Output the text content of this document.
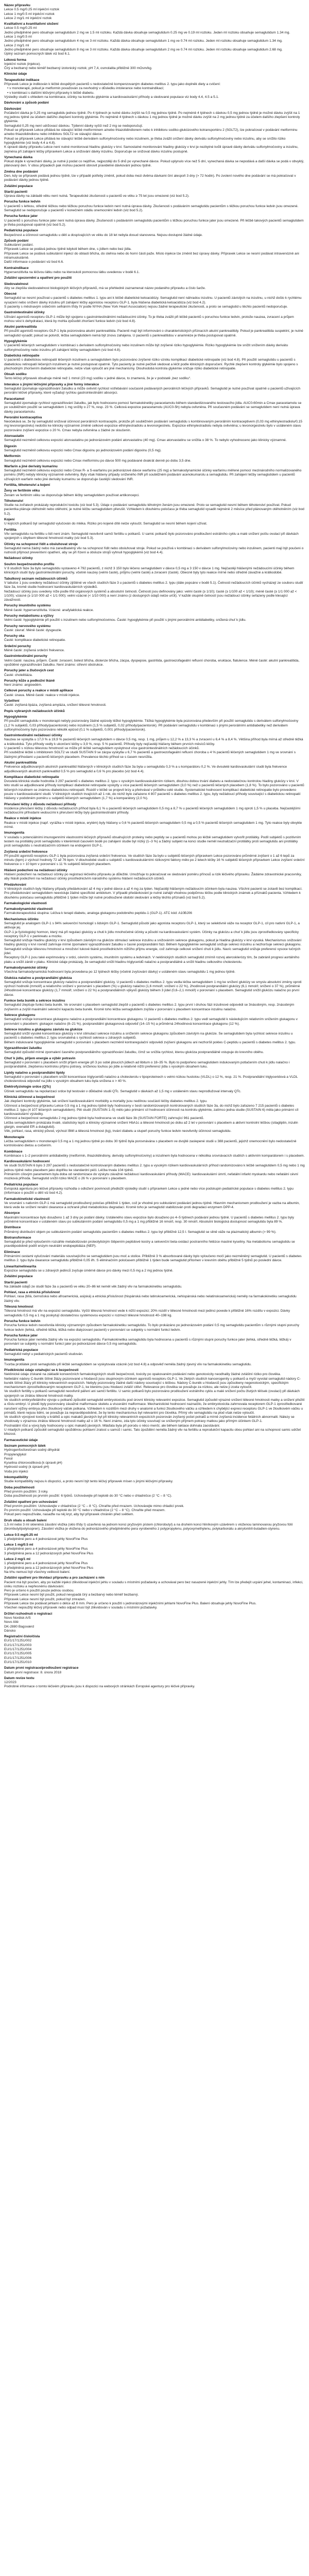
Název přípravku
Lekce 0.5 mg/0.25 ml injekční roztok
Lekce 1 mg/0.5 ml injekční roztok
Lekce 2 mg/1 ml injekční roztok
Kvalitativní a kvantitativní složení
Lekce 0.5 mg/0.25 ml
Jedno předplněné pero obsahuje semaglutidum 2 mg ve 1.5 ml roztoku. Každá dávka obsahuje semaglutidum 0.25 mg ve 0.19 ml roztoku. Jeden ml roztoku obsahuje semaglutidum 1.34 mg.
Lekce 1 mg/0.5 ml
Jedno předplněné pero obsahuje semaglutidum 4 mg ve 3 ml roztoku. Každá dávka obsahuje semaglutidum 1 mg ve 0.74 ml roztoku. Jeden ml roztoku obsahuje semaglutidum 1.34 mg.
Lekce 2 mg/1 ml
Jedno předplněné pero obsahuje semaglutidum 8 mg ve 3 ml roztoku. Každá dávka obsahuje semaglutidum 2 mg ve 0.74 ml roztoku. Jeden ml roztoku obsahuje semaglutidum 2.68 mg.
Úplný seznam pomocných látek viz bod 6.1.
Léková forma
Injekční roztok (injekce).
Čirý a bezbarvý nebo téměř bezbarvý izotonický roztok; pH 7,4, osmolalita přibližně 300 mOsm/kg.
Klinické údaje
Terapeutické indikace
Přípravek Lekce je indikován k léčbě dospělých pacientů s nedostatečně kompenzovaným diabetes mellitus 2. typu jako doplněk diety a cvičení:
• v monoterapii, pokud je metformin považován za nevhodný v důsledku intolerance nebo kontraindikací;
• v kombinaci s dalšími léčivými přípravky k léčbě diabetu.
Výsledky studií s ohledem na kombinace, účinky na kontrolu glykémie a kardiovaskulární příhody a sledované populace viz body 4.4, 4.5 a 5.1.
Dávkování a způsob podání
Dávkování
Počáteční dávka je 0,25 mg semaglutidu jednou týdně. Po 4 týdnech je nutné dávku zvýšit na 0,5 mg jednou týdně. Po nejméně 4 týdnech s dávkou 0,5 mg jednou týdně je možné dávku zvýšit na 1 mg jednou týdně za účelem dalšího zlepšení kontroly glykémie. Po nejméně 4 týdnech s dávkou 1 mg jednou týdně je možné dávku zvýšit na 2 mg jednou týdně za účelem dalšího zlepšení kontroly glykémie.
Semaglutid 0,25 mg není udržovací dávkou. Týdenní dávky vyšší než 2 mg se nedoporučují.
Pokud se přípravek Lekce přidává ke stávající léčbě metforminem a/nebo thiazolidindionem nebo k inhibitoru sodíko-glukózového kotransportéru 2 (SGLT2), lze pokračovat v podávání metforminu a/nebo thiazolidindionu nebo inhibitoru SGLT2 ve stávající dávce.
Pokud se přípravek Lekce přidává ke stávající léčbě derivátem sulfonylmočoviny nebo inzulinem, je třeba zvážit snížení dávky derivátu sulfonylmočoviny nebo inzulinu, aby se snížilo riziko hypoglykémie (viz body 4.4 a 4.8).
K úpravě dávky přípravku Lekce není nutné monitorovat hladinu glukózy v krvi. Samostatné monitorování hladiny glukózy v krvi je nezbytné kvůli úpravě dávky derivátu sulfonylmočoviny a inzulinu, zejména při zahájení léčby přípravkem Lekce a snižování dávky inzulinu. Doporučuje se snižovat dávku inzulinu postupně.
Vynechaná dávka
Pokud dojde k vynechání dávky, je nutné ji podat co nejdříve, nejpozději do 5 dnů po vynechané dávce. Pokud uplynulo více než 5 dní, vynechaná dávka se nepodává a další dávka se podá v obvyklý, plánovaný den. V obou případech pak mohou pacienti obnovit pravidelné dávkování jednou týdně.
Změna dne podávání
Den, kdy se přípravek podává jednou týdně, lze v případě potřeby změnit, pokud doba mezi dvěma dávkami činí alespoň 3 dny (> 72 hodin). Po zvolení nového dne podávání se má pokračovat v podávání dávky jednou týdně.
Zvláštní populace
Starší pacienti
Úprava dávky na základě věku není nutná. Terapeutické zkušenosti u pacientů ve věku ≥ 75 let jsou omezené (viz bod 5.2).
Porucha funkce ledvin
U pacientů s lehkou, středně těžkou nebo těžkou poruchou funkce ledvin není nutná úprava dávky. Zkušenosti s podáváním semaglutidu pacientům s těžkou poruchou funkce ledvin jsou omezené. Semaglutid se nedoporučuje u pacientů v konečném stádiu onemocnění ledvin (viz bod 5.2).
Porucha funkce jater
U pacientů s poruchou funkce jater není nutná úprava dávky. Zkušenosti s podáváním semaglutidu pacientům s těžkou poruchou funkce jater jsou omezené. Při léčbě takových pacientů semaglutidem je třeba postupovat opatrně (viz bod 5.2).
Pediatrická populace
Bezpečnost a účinnost semaglutidu u dětí a dospívajících ve věku do 18 let nebyla dosud stanovena. Nejsou dostupné žádné údaje.
Způsob podání
Subkutánní podání.
Přípravek Lekce se podává jednou týdně kdykoli během dne, s jídlem nebo bez jídla.
Přípravek Lekce se podává subkutánní injekcí do oblasti břicha, do stehna nebo do horní části paže. Místo injekce lze změnit bez úpravy dávky. Přípravek Lekce se nesmí podávat intravenózně ani intramuskulárně.
Další informace o podávání viz bod 6.6.
Kontraindikace
Hypersenzitivita na léčivou látku nebo na kteroukoli pomocnou látku uvedenou v bodě 6.1.
Zvláštní upozornění a opatření pro použití
Sledovatelnost
Aby se zlepšila sledovatelnost biologických léčivých přípravků, má se přehledně zaznamenat název podaného přípravku a číslo šarže.
Obecné
Semaglutid se nesmí používat u pacientů s diabetes mellitus 1. typu ani k léčbě diabetické ketoacidózy. Semaglutid není náhradou inzulinu. U pacientů závislých na inzulinu, u nichž došlo k rychlému vysazení nebo snížení dávky inzulinu při zahájení léčby agonistou receptoru GLP-1, byla hlášena diabetická ketoacidóza (viz bod 4.2).
S pacienty s městnavým srdečním selháním třídy IV podle NYHA (New York Heart Association) nejsou žádné terapeutické zkušenosti, a proto se semaglutid u těchto pacientů nedoporučuje.
Gastrointestinální účinky
Užívání agonistů receptoru GLP-1 může být spojeno s gastrointestinálními nežádoucími účinky. To je třeba zvážit při léčbě pacientů s poruchou funkce ledvin, protože nauzea, zvracení a průjem mohou vést k dehydrataci, která by mohla způsobit zhoršení funkce ledvin (viz bod 4.8).
Akutní pankreatitida
Při použití agonistů receptoru GLP-1 byla pozorována akutní pankreatitida. Pacienti mají být informováni o charakteristických příznacích akutní pankreatitidy. Pokud je pankreatitida suspektní, je nutné semaglutid vysadit; pokud se potvrdí, léčba semaglutidem nemá být znovu zahájena. U pacientů s pankreatitidou v anamnéze je třeba postupovat opatrně.
Hypoglykémie
U pacientů léčených semaglutidem v kombinaci s derivátem sulfonylmočoviny nebo inzulinem může být zvýšené riziko hypoglykémie. Riziko hypoglykémie lze snížit snížením dávky derivátu sulfonylmočoviny nebo inzulinu při zahájení léčby semaglutidem (viz bod 4.8).
Diabetická retinopatie
U pacientů s diabetickou retinopatií léčených inzulinem a semaglutidem bylo pozorováno zvýšené riziko vzniku komplikací diabetické retinopatie (viz bod 4.8). Při použití semaglutidu u pacientů s diabetickou retinopatií léčených inzulinem je nutné postupovat opatrně. Tyto pacienty je nutné pečlivě sledovat a léčit podle klinických doporučení. Rychlé zlepšení kontroly glykémie bylo spojeno s přechodným zhoršením diabetické retinopatie, nelze však vyloučit ani jiné mechanismy. Dlouhodobá kontrola glykémie snižuje riziko diabetické retinopatie.
Obsah sodíku
Tento léčivý přípravek obsahuje méně než 1 mmol (23 mg) sodíku v jedné dávce, to znamená, že je v podstatě „bez sodíku“.
Interakce s jinými léčivými přípravky a jiné formy interakce
Semaglutid zpomaluje vyprazdňování žaludku a může ovlivnit rychlost vstřebávání současně podávaných perorálních léčivých přípravků. Semaglutid je nutné používat opatrně u pacientů užívajících perorální léčivé přípravky, které vyžadují rychlou gastrointestinální absorpci.
Paracetamol
Semaglutid zpomaluje rychlost vyprazdňování žaludku, jak bylo hodnoceno pomocí farmakokinetiky paracetamolu během standardizovaného testovacího jídla. AUC0-60min a Cmax paracetamolu se po souběžném použití se semaglutidem 1 mg snížily o 27 %, resp. 23 %. Celková expozice paracetamolu (AUC0-5h) nebyla ovlivněna. Při současném podávání se semaglutidem není nutná úprava dávky paracetamolu.
Perorální kontraceptiva
Neočekává se, že by semaglutid snižoval účinnost perorálních kontraceptiv, protože při souběžném podávání semaglutidu s kombinovaným perorálním kontraceptivem (0,03 mg ethinylestradiolu/0,15 mg levonorgestrelu) nedošlo ke klinicky významné změně celkové expozice ethinylestradiolu a levonorgestrelu. Expozice ethinylestradiolu nebyla ovlivněna; u levonorgestrelu bylo v ustáleném stavu pozorováno zvýšení expozice o 20 %. Cmax nebyla ovlivněna u žádné ze sloučenin.
Atorvastatin
Semaglutid nezměnil celkovou expozici atorvastatinu po jednorázovém podání atorvastatinu (40 mg). Cmax atorvastatinu se snížila o 38 %. To nebylo vyhodnoceno jako klinicky významné.
Digoxin
Semaglutid nezměnil celkovou expozici nebo Cmax digoxinu po jednorázovém podání digoxinu (0,5 mg).
Metformin
Semaglutid nezměnil celkovou expozici nebo Cmax metforminu po dávce 500 mg podávané dvakrát denně po dobu 3,5 dne.
Warfarin a jiné deriváty kumarinu
Semaglutid nezměnil celkovou expozici nebo Cmax R- a S-warfarinu po jednorázové dávce warfarinu (25 mg) a farmakodynamické účinky warfarinu měřené pomocí mezinárodního normalizovaného poměru (INR) nebyly klinicky významně ovlivněny. Byly však hlášeny případy sníženého INR při souběžném podávání acenokumarolu a semaglutidu. Při zahájení léčby semaglutidem u pacientů užívajících warfarin nebo jiné deriváty kumarinu se doporučuje častější sledování INR.
Fertilita, těhotenství a kojení
Ženy ve fertilním věku
Ženám ve fertilním věku se doporučuje během léčby semaglutidem používat antikoncepci.
Těhotenství
Studie na zvířatech prokázaly reprodukční toxicitu (viz bod 5.3). Údaje o podávání semaglutidu těhotným ženám jsou omezené. Proto se semaglutid nesmí během těhotenství používat. Pokud pacientka plánuje otěhotnět nebo otěhotní, je nutné léčbu semaglutidem přerušit. Vzhledem k dlouhému poločasu je třeba semaglutid vysadit nejméně 2 měsíce před plánovaným otěhotněním (viz bod 5.2).
Kojení
U kojících potkanů byl semaglutid vylučován do mléka. Riziko pro kojené dítě nelze vyloučit. Semaglutid se nesmí během kojení užívat.
Fertilita
Vliv semaglutidu na fertilitu u lidí není znám. Semaglutid neovlivnil samčí fertilitu u potkanů. U samic potkanů bylo pozorováno prodloužení estrálního cyklu a malé snížení počtu ovulací při dávkách spojených s úbytkem tělesné hmotnosti matky (viz bod 5.3).
Účinky na schopnost řídit a obsluhovat stroje
Semaglutid nemá žádný nebo má zanedbatelný vliv na schopnost řídit nebo obsluhovat stroje. Pokud se používá v kombinaci s derivátem sulfonylmočoviny nebo inzulinem, pacienti mají být poučeni o nutnosti přijmout preventivní opatření, aby se při řízení a obsluze strojů vyhnuli hypoglykémii (viz bod 4.4).
Nežádoucí účinky
Souhrn bezpečnostního profilu
V 8 studiích fáze 3a bylo semaglutidu vystaveno 4 792 pacientů, z nichž 3 150 bylo léčeno semaglutidem v dávce 0,5 mg a 3 150 v dávce 1 mg. Nejčastěji hlášenými nežádoucími účinky během klinických studií byly gastrointestinální poruchy, včetně nauzey (velmi časté), průjmu (velmi časté) a zvracení (časté). Obecně byly tyto reakce mírné nebo středně závažné a krátkodobé.
Tabulkový seznam nežádoucích účinků
V tabulce 1 jsou uvedeny nežádoucí účinky zjištěné ve všech studiích fáze 3 u pacientů s diabetes mellitus 2. typu (dále popsáno v bodě 5.1). Četnosti nežádoucích účinků vycházejí ze souboru studií fáze 3a, kromě studie hodnocení kardiovaskulárních výsledků.
Nežádoucí účinky jsou uvedeny níže podle tříd orgánových systémů a absolutní četnosti. Četnosti jsou definovány jako: velmi časté (≥ 1/10); časté (≥ 1/100 až < 1/10); méně časté (≥ 1/1 000 až < 1/100); vzácné (≥ 1/10 000 až < 1/1 000); velmi vzácné (< 1/10 000) a není známo (z dostupných údajů nelze určit). V každé skupině četností jsou nežádoucí účinky seřazeny podle klesající závažnosti.
Poruchy imunitního systému
Méně časté: hypersenzitivita. Vzácné: anafylaktická reakce.
Poruchy metabolismu a výživy
Velmi časté: hypoglykémie při použití s inzulinem nebo sulfonylmočovinou. Časté: hypoglykémie při použití s jinými perorálními antidiabetiky, snížená chuť k jídlu.
Poruchy nervového systému
Časté: závrať. Méně časté: dysgeuzie.
Poruchy oka
Časté: komplikace diabetické retinopatie.
Srdeční poruchy
Méně časté: zvýšená srdeční frekvence.
Gastrointestinální poruchy
Velmi časté: nauzea, průjem. Časté: zvracení, bolest břicha, distenze břicha, zácpa, dyspepsie, gastritida, gastroezofageální refluxní choroba, eruktace, flatulence. Méně časté: akutní pankreatitida, opožděné vyprazdňování žaludku. Není známo: střevní obstrukce.
Poruchy jater a žlučových cest
Časté: cholelitiáza.
Poruchy kůže a podkožní tkáně
Není známo: angioedém.
Celkové poruchy a reakce v místě aplikace
Časté: únava. Méně časté: reakce v místě injekce.
Vyšetření
Časté: zvýšená lipáza, zvýšená amyláza, snížení tělesné hmotnosti.
Popis vybraných nežádoucích účinků
Hypoglykémie
Při použití semaglutidu v monoterapii nebyly pozorovány žádné epizody těžké hypoglykémie. Těžká hypoglykémie byla pozorována především při použití semaglutidu s derivátem sulfonylmočoviny (1,2 % subjektů, 0,03 příhody/pacientorok) nebo inzulinem (1,5 % subjektů, 0,02 příhody/pacientorok). Při podávání semaglutidu v kombinaci s jinými perorálními antidiabetiky než derivátem sulfonylmočoviny bylo pozorováno několik epizod (0,1 % subjektů, 0,001 příhody/pacientorok).
Gastrointestinální nežádoucí účinky
Nauzea se vyskytla u 17,0 % a 19,9 % pacientů léčených semaglutidem v dávce 0,5 mg, resp. 1 mg, průjem u 12,2 % a 13,3 % a zvracení u 6,4 % a 8,4 %. Většina příhod byla mírná až středně těžká a krátkodobá. Tyto příhody vedly k ukončení léčby u 3,9 %, resp. 5 % pacientů. Příhody byly nejčastěji hlášeny během prvních měsíců léčby.
U pacientů s nízkou tělesnou hmotností se může při léčbě semaglutidem vyskytnout více gastrointestinálních nežádoucích účinků.
Při souběžné léčbě s inhibitorem SGLT2 ve studii SUSTAIN 9 se zácpa vyskytla u 6,7 % pacientů a gastroezofageální refluxní choroba u 4 % pacientů léčených semaglutidem 1 mg ve srovnání s žádnými příhodami u pacientů léčených placebem. Prevalence těchto příhod se s časem nesnížila.
Akutní pankreatitida
Frekvence adjudikovaných akutních pankreatitid hlášených v klinických studiích fáze 3a byla u semaglutidu 0,3 % a u komparátoru 0,2 %. Ve dvouleté kardiovaskulární studii byla frekvence adjudikovaných akutních pankreatitid 0,5 % pro semaglutid a 0,6 % pro placebo (viz bod 4.4).
Komplikace diabetické retinopatie
Dvouletá klinická studie hodnotila 3 297 pacientů s diabetes mellitus 2. typu s vysokým kardiovaskulárním rizikem, dlouhou dobou trvání diabetu a nedostatečnou kontrolou hladiny glukózy v krvi. V této studii se adjudikované příhody komplikací diabetické retinopatie vyskytly u více pacientů léčených semaglutidem (3,0 %) než u pacientů léčených placebem (1,8 %). To bylo pozorováno u pacientů léčených inzulinem se známou diabetickou retinopatií. Rozdíl v léčbě se projevil brzy a přetrvával v průběhu celé studie. Systematické hodnocení komplikací diabetické retinopatie bylo provedeno pouze v kardiovaskulární studii. V klinických studiích trvajících až 1 rok, do nichž bylo zařazeno 4 807 pacientů s diabetes mellitus 2. typu, byly nežádoucí příhody související s diabetickou retinopatií hlášeny v podobném poměru u subjektů léčených semaglutidem (1,7 %) a komparátory (2,0 %).
Přerušení léčby z důvodu nežádoucí příhody
Incidence přerušení léčby z důvodu nežádoucích příhod byla 6,1 % u pacientů léčených semaglutidem 0,5 mg a 8,7 % u pacientů léčených semaglutidem 1 mg oproti 1,5 % u placeba. Nejčastějšími nežádoucími příhodami vedoucími k přerušení léčby byly gastrointestinální příhody.
Reakce v místě injekce
Reakce v místě injekce (např. vyrážka v místě injekce, erytém) byly hlášeny u 0,6 % pacientů léčených semaglutidem 0,5 mg a 0,5 % pacientů léčených semaglutidem 1 mg. Tyto reakce byly obvykle mírné.
Imunogenita
V souladu s potenciálními imunogenními vlastnostmi léčivých přípravků obsahujících proteiny nebo peptidy se u pacientů mohou po léčbě semaglutidem vytvořit protilátky. Podíl subjektů s pozitivním testem na protilátky proti semaglutidu v kterémkoli časovém bodě po zahájení studie byl nízký (1–3 %) a žádný subjekt na konci studie neměl neutralizační protilátky proti semaglutidu ani protilátky proti semaglutidu s neutralizačním účinkem na endogenní GLP-1.
Zvýšená srdeční frekvence
Při použití agonistů receptoru GLP-1 byla pozorována zvýšená srdeční frekvence. Ve studiích fáze 3a bylo u subjektů léčených přípravkem Lekce pozorováno průměrné zvýšení o 1 až 6 tepů za minutu (bpm) z výchozí hodnoty 72 až 76 bpm. V dlouhodobé studii u subjektů s kardiovaskulárními rizikovými faktory mělo po 2 letech léčby 16 % subjektů léčených přípravkem Lekce zvýšení srdeční frekvence o > 10 bpm v porovnání s 11 % subjektů léčených placebem.
Hlášení podezření na nežádoucí účinky
Hlášení podezření na nežádoucí účinky po registraci léčivého přípravku je důležité. Umožňuje to pokračovat ve sledování poměru přínosů a rizik léčivého přípravku. Žádáme zdravotnické pracovníky, aby hlásili podezření na nežádoucí účinky prostřednictvím národního systému hlášení nežádoucích účinků.
Předávkování
V klinických studiích byly hlášeny případy předávkování až 4 mg v jedné dávce a až 4 mg za týden. Nejčastěji hlášeným nežádoucím účinkem byla nauzea. Všichni pacienti se zotavili bez komplikací.
Pro předávkování semaglutidem neexistuje žádné specifické antidotum. V případě předávkování je nutné zahájit vhodnou podpůrnou léčbu podle klinických známek a příznaků pacienta. Vzhledem k dlouhému poločasu semaglutidu přibližně 1 týden může být nutné prodloužené období sledování a léčby těchto příznaků (viz bod 5.2).
Farmakologické vlastnosti
Farmakodynamické vlastnosti
Farmakoterapeutická skupina: Léčiva k terapii diabetu, analoga glukagonu podobného peptidu-1 (GLP-1). ATC kód: A10BJ06
Mechanismus účinku
Semaglutid je analogem GLP-1 s 94% sekvenční homologií s lidským GLP-1. Semaglutid působí jako agonista receptoru GLP-1, který se selektivně váže na receptor GLP-1, cíl pro nativní GLP-1, a aktivuje jej.
GLP-1 je fyziologický hormon, který má při regulaci glukózy a chuti k jídlu mnohočetné účinky a působí na kardiovaskulární systém. Účinky na glukózu a chuť k jídlu jsou zprostředkovány specificky receptory GLP-1 v pankreatu a mozku.
Semaglutid snižuje hladinu glukózy v krvi způsobem závislým na glukóze stimulací sekrece inzulinu a snižováním sekrece glukagonu, pokud je hladina glukózy v krvi vysoká. Mechanismus snižování hladiny glukózy v krvi rovněž zahrnuje mírné zpomalení vyprazdňování žaludku v časné postprandiální fázi. Během hypoglykémie semaglutid snižuje sekreci inzulinu a nezhoršuje sekreci glukagonu.
Semaglutid snižuje tělesnou hmotnost a množství tukové tkáně prostřednictvím nižšího příjmu energie, což zahrnuje celkové snížení chuti k jídlu. Navíc semaglutid snižuje preferenci vysoce tučných jídel.
Receptory GLP-1 jsou také exprimovány v srdci, cévním systému, imunitním systému a ledvinách. V neklinických studiích semaglutid zmírnil rozvoj aterosklerózy tím, že zabránil progresi aortálního plaku a snížil zánět v plaku. Klinické údaje prokázaly, že semaglutid snížil hladinu triglyceridů nalačno a postprandiálně a snížil hladinu celkového cholesterolu.
Farmakodynamické účinky
Všechna farmakodynamická hodnocení byla provedena po 12 týdnech léčby (včetně zvyšování dávky) v ustáleném stavu semaglutidu 1 mg jednou týdně.
Glukóza nalačno a postprandiální glukóza
Semaglutid snižuje koncentrace glukózy nalačno a postprandiální glukózy. U pacientů s diabetes mellitus 2. typu vedla léčba semaglutidem 1 mg ke snížení glukózy ve smyslu absolutní změny oproti výchozí hodnotě (mmol/l) a relativního snížení v porovnání s placebem (%) u glukózy nalačno (1,6 mmol/l; snížení o 22 %), 2hodinové postprandiální glukózy (6,1 mmol/l; snížení o 37 %), průměrné 24hodinové koncentrace glukózy (1,7 mmol/l; snížení o 22 %) a postprandiálních výkyvů glukózy během 3 jídel (0,6–2,1 mmol/l) v porovnání s placebem. Semaglutid snížil glukózu nalačno po první dávce.
Funkce beta buněk a sekrece inzulinu
Semaglutid zlepšuje funkci beta buněk. Ve srovnání s placebem semaglutid zlepšil u pacientů s diabetes mellitus 2. typu první i druhou fázi inzulinové odpovědi se 3násobným, resp. 2násobným zvýšením a zvýšil maximální sekreční kapacitu beta buněk. Kromě toho léčba semaglutidem zvýšila v porovnání s placebem koncentrace inzulinu nalačno.
Sekrece glukagonu
Semaglutid snižuje koncentrace glukagonu nalačno a postprandiální koncentrace glukagonu. U pacientů s diabetes mellitus 2. typu vedl semaglutid k následujícím relativním snížením glukagonu v porovnání s placebem: glukagon nalačno (8–21 %), postprandiální glukagonová odpověď (14–15 %) a průměrná 24hodinová koncentrace glukagonu (12 %).
Sekrece inzulinu a glukagonu závislá na glukóze
Semaglutid snížil vysoké koncentrace glukózy v krvi stimulací sekrece inzulinu a snížením sekrece glukagonu způsobem závislým na glukóze. Se semaglutidem byla rychlost sekrece inzulinu u pacientů s diabetes mellitus 2. typu srovnatelná s rychlostí sekrece u zdravých subjektů.
Během indukované hypoglykémie semaglutid v porovnání s placebem nezměnil kontraregulační odpovědi zvýšení glukagonu ani nezhoršil pokles C-peptidu u pacientů s diabetes mellitus 2. typu.
Vyprazdňování žaludku
Semaglutid způsobil mírné zpomalení časného postprandiálního vyprazdňování žaludku, čímž se snížila rychlost, kterou glukóza postprandiálně vstupuje do krevního oběhu.
Chuť k jídlu, příjem energie a výběr potravin
Semaglutid v porovnání s placebem snížil příjem energie při 3 po sobě jdoucích jídlech ad libitum o 18–35 %. Bylo to podpořeno semaglutidem indukovaným potlačením chuti k jídlu nalačno i postprandiálně, zlepšenou kontrolou příjmu potravy, sníženou touhou po jídle a relativně nižší preferencí jídla s vysokým obsahem tuku.
Lipidy nalačno a postprandiální lipidy
Semaglutid v porovnání s placebem snížil koncentrace triglyceridů nalačno a cholesterolu v lipoproteinech s velmi nízkou hustotou (VLDL) o 12 %, resp. 21 %. Postprandiální triglyceridová a VLDL cholesterolová odpověď na jídlo s vysokým obsahem tuku byla snížena o > 40 %.
Elektrofyziologie srdce (QTc)
Účinek semaglutidu na repolarizaci srdce byl testován v důkladné studii QTc. Semaglutid v dávkách až 1,5 mg v ustáleném stavu neprodlužoval intervaly QTc.
Klinická účinnost a bezpečnost
Jak zlepšení kontroly glykémie, tak snížení kardiovaskulární morbidity a mortality jsou nedílnou součástí léčby diabetes mellitus 2. typu.
Účinnost a bezpečnost přípravku Lekce 0,5 mg a 1 mg jednou týdně byly hodnoceny v šesti randomizovaných kontrolovaných studiích fáze 3a, do nichž bylo zařazeno 7 215 pacientů s diabetes mellitus 2. typu (4 107 léčených semaglutidem). Pět studií (SUSTAIN 1–5) mělo jako primární cíl hodnocení účinnosti na kontrolu glykémie, zatímco jedna studie (SUSTAIN 6) měla jako primární cíl kardiovaskulární výsledky.
Účinnost a bezpečnost semaglutidu 2 mg jednou týdně byla hodnocena ve studii fáze 3b (SUSTAIN FORTE) zahrnující 961 pacientů.
Léčba semaglutidem prokázala trvalé, statisticky lepší a klinicky významné snížení HbA1c a tělesné hmotnosti po dobu až 2 let v porovnání s placebem a aktivní kontrolní léčbou (sitagliptin, inzulin glargin, exenatid ER a dulaglutid).
Věk, pohlaví, rasa, etnický původ, výchozí BMI a tělesná hmotnost (kg), trvání diabetu a stupeň poruchy funkce ledvin neovlivnily účinnost semaglutidu.
Monoterapie
Léčba semaglutidem v monoterapii 0,5 mg a 1 mg jednou týdně po dobu 30 týdnů byla porovnávána s placebem ve dvojitě zaslepené studii u 388 pacientů, jejichž onemocnění bylo nedostatečně kontrolováno dietou a cvičením.
Kombinace
Kombinace s 1–2 perorálními antidiabetiky (metformin, thiazolidindiony, deriváty sulfonylmočoviny) a inzulinem byla hodnocena v několika srovnávacích studiích s aktivním komparátorem i s placebem.
Kardiovaskulární hodnocení
Ve studii SUSTAIN 6 bylo 3 297 pacientů s nedostatečně kontrolovaným diabetes mellitus 2. typu a vysokým rizikem kardiovaskulárních příhod randomizováno k léčbě semaglutidem 0,5 mg nebo 1 mg jednou týdně nebo placebem jako doplňku ke standardní péči. Léčba trvala 104 týdnů.
Primárním cílovým parametrem byla doba od randomizace do výskytu závažné nežádoucí kardiovaskulární příhody (MACE): kardiovaskulární úmrtí, nefatální infarkt myokardu nebo nefatální cévní mozková příhoda. Semaglutid snížil riziko MACE o 26 % v porovnání s placebem.
Pediatrická populace
Evropská agentura pro léčivé přípravky rozhodla o odložení povinnosti předložit výsledky studií s přípravkem Lekce u jedné nebo více podskupin pediatrické populace s diabetes mellitus 2. typu (informace o použití u dětí viz bod 4.2).
Farmakokinetické vlastnosti
Ve srovnání s nativním GLP-1 má semaglutid prodloužený poločas přibližně 1 týden, což je vhodné pro subkutánní podávání jednou týdně. Hlavním mechanismem prodloužení je vazba na albumin, která vede ke snížení renální clearance a ochraně před metabolickou degradací. Kromě toho je semaglutid stabilizován proti degradaci enzymem DPP-4.
Absorpce
Maximální koncentrace bylo dosaženo 1 až 3 dny po podání dávky. Ustáleného stavu expozice bylo dosaženo po 4–5 týdnech podávání jednou týdně. U pacientů s diabetes mellitus 2. typu byly průměrné koncentrace v ustáleném stavu po subkutánním podání semaglutidu 0,5 mg a 1 mg přibližně 16 nmol/l, resp. 30 nmol/l. Absolutní biologická dostupnost semaglutidu byla 89 %.
Distribuce
Průměrný distribuční objem po subkutánním podání semaglutidu pacientům s diabetes mellitus 2. typu byl přibližně 12,5 l. Semaglutid se silně váže na plazmatický albumin (> 99 %).
Biotransformace
Semaglutid je před vyloučením rozsáhle metabolizován proteolytickým štěpením peptidové kostry a sekvenční beta-oxidací postranního řetězce mastné kyseliny. Na metabolismu semaglutidu se pravděpodobně podílí enzym neutrální endopeptidáza (NEP).
Eliminace
Primárními cestami vylučování materiálu souvisejícího se semaglutidem jsou moč a stolice. Přibližně 3 % absorbované dávky bylo vyloučeno močí jako nezměněný semaglutid. U pacientů s diabetes mellitus 2. typu byla clearance semaglutidu přibližně 0,05 l/h. S eliminačním poločasem přibližně 1 týden bude semaglutid přítomen v krevním oběhu přibližně 5 týdnů po poslední dávce.
Linearita/nelinearita
Expozice semaglutidu se u zdravých jedinců zvyšuje úměrně dávce pro dávky mezi 0,5 mg a 2 mg jednou týdně.
Zvláštní populace
Starší pacienti
Na základě údajů ze studií fáze 3a u pacientů ve věku 20–86 let neměl věk žádný vliv na farmakokinetiku semaglutidu.
Pohlaví, rasa a etnická příslušnost
Pohlaví, rasa (bílá, černošská nebo afroamerická, asijská) a etnická příslušnost (hispánská nebo latinskoamerická, nehispánská nebo nelatinskoamerická) neměly na farmakokinetiku semaglutidu žádný vliv.
Tělesná hmotnost
Tělesná hmotnost má vliv na expozici semaglutidu. Vyšší tělesná hmotnost vede k nižší expozici; 20% rozdíl v tělesné hmotnosti mezi jedinci povede k přibližně 16% rozdílu v expozici. Dávky semaglutidu 0,5 mg a 1 mg poskytují dostatečnou systémovou expozici v rozmezí tělesné hmotnosti 40–198 kg.
Porucha funkce ledvin
Porucha funkce ledvin neovlivnila klinicky významným způsobem farmakokinetiku semaglutidu. To bylo prokázáno po jednorázovém podání 0,5 mg semaglutidu pacientům s různými stupni poruchy funkce ledvin (lehká, středně těžká, těžká nebo dialyzovaní pacienti) v porovnání se subjekty s normální funkcí ledvin.
Porucha funkce jater
Porucha funkce jater neměla žádný vliv na expozici semaglutidu. Farmakokinetika semaglutidu byla hodnocena u pacientů s různými stupni poruchy funkce jater (lehká, středně těžká, těžká) v porovnání se subjekty s normální funkcí jater po jednorázové dávce 0,5 mg semaglutidu.
Pediatrická populace
Semaglutid nebyl u pediatrických pacientů studován.
Imunogenita
Tvorba protilátek proti semaglutidu při léčbě semaglutidem se vyskytovala vzácně (viz bod 4.8) a odpověď neměla žádný zjevný vliv na farmakokinetiku semaglutidu.
Předklinické údaje vztahující se k bezpečnosti
Neklinické údaje získané na základě konvenčních farmakologických studií bezpečnosti, toxicity po opakovaném podávání nebo genotoxicity neodhalily žádné zvláštní riziko pro člověka.
Netletální nádory C-buněk štítné žlázy pozorované u hlodavců jsou skupinovým účinkem agonistů receptoru GLP-1. Ve 2letých studiích kancerogenity u potkanů a myší vyvolal semaglutid nádory C-buněk štítné žlázy při klinicky relevantních expozicích. Nebyly pozorovány žádné další nádory související s léčbou. Nádory C-buněk u hlodavců jsou způsobeny negenotoxickým, specifickým mechanismem zprostředkovaným receptorem GLP-1, ke kterému jsou hlodavci zvlášť citliví. Relevance pro člověka se považuje za nízkou, ale nelze ji zcela vyloučit.
Ve studiích fertility u potkanů semaglutid neovlivnil páření ani samčí fertilitu. U samic potkanů bylo pozorováno prodloužení estrálního cyklu a malé snížení počtu žlutých tělísek (ovulací) při dávkách spojených se ztrátou tělesné hmotnosti matky.
Ve studiích embryofetálního vývoje u potkanů způsobil semaglutid embryotoxicitu pod úrovní klinicky relevantní expozice. Semaglutid způsobil výrazné snížení tělesné hmotnosti matky a snížení přežití a růstu embryí. U plodů byly pozorovány závažné malformace skeletu a viscerální malformace. Mechanistické hodnocení naznačilo, že embryotoxicita zahrnovala receptorem GLP-1 zprostředkované narušení výživy embrya přes žloutkový váček potkana. Vzhledem k rozdílům mezi druhy v anatomii a funkci žloutkového váčku a vzhledem k chybějící expresi receptoru GLP-1 ve žloutkovém váčku u primátů, které nejsou lidmi, se považuje za nepravděpodobné, že by tento mechanismus byl relevantní pro člověka. Přímý vliv semaglutidu na plod však nelze vyloučit.
Ve studiích vývojové toxicity u králíků a opic makaků jávských byl při klinicky relevantních expozicích pozorován zvýšený počet potratů a mírně zvýšená incidence fetálních abnormalit. Nálezy se shodovaly s výraznou ztrátou tělesné hmotnosti matky až o 16 %. Není známo, zda tyto účinky souvisejí se sníženým příjmem potravy matkou jako přímým účinkem GLP-1.
Postnatální růst a vývoj byly hodnoceny u opic makaků jávských. Mláďata byla při porodu o něco menší, ale během laktace dohnala zaostávání.
U mladých potkanů způsobil semaglutid opožděnou pohlavní zralost u samců i samic. Tato zpoždění neměla žádný vliv na fertilitu a reprodukční kapacitu obou pohlaví ani na schopnost samic udržet březost.
Farmaceutické údaje
Seznam pomocných látek
Hydrogenfosforečnan sodný dihydrát
Propylenglykol
Fenol
Kyselina chlorovodíková (k úpravě pH)
Hydroxid sodný (k úpravě pH)
Voda pro injekci
Inkompatibility
Studie kompatibility nejsou k dispozici, a proto nesmí být tento léčivý přípravek mísen s jinými léčivými přípravky.
Doba použitelnosti
Před prvním použitím: 3 roky.
Doba použitelnosti po prvním použití: 6 týdnů. Uchovávejte při teplotě do 30 °C nebo v chladničce (2 °C – 8 °C).
Zvláštní opatření pro uchovávání
Před prvním použitím: Uchovávejte v chladničce (2 °C – 8 °C). Chraňte před mrazem. Uchovávejte mimo chladicí prvek.
Po prvním použití: Uchovávejte při teplotě do 30 °C nebo v chladničce (2 °C – 8 °C). Chraňte před mrazem.
Pokud pero nepoužíváte, nasaďte na něj kryt, aby byl přípravek chráněn před světlem.
Druh obalu a obsah balení
1,5 ml nebo 3 ml skleněná zásobní vložka (sklo třídy I) uzavřená na jednom konci pryžovým pístem (chlorobutyl) a na druhém konci hliníkovým uzávěrem s vloženou laminovanou pryžovou fólií (brombutyl/polyisopren). Zásobní vložka je vložena do jednorázového předplněného pera vyrobeného z polypropylenu, polyoxymethylenu, polykarbonátu a akrylonitril-butadien-styrenu.
Lekce 0.5 mg/0.25 ml
1 předplněné pero a 4 jednorázové jehly NovoFine Plus
Lekce 1 mg/0.5 ml
1 předplněné pero a 4 jednorázové jehly NovoFine Plus
3 předplněná pera a 12 jednorázových jehel NovoFine Plus
Lekce 2 mg/1 ml
1 předplněné pero a 4 jednorázové jehly NovoFine Plus
3 předplněná pera a 12 jednorázových jehel NovoFine Plus
Na trhu nemusí být všechny velikosti balení.
Zvláštní opatření pro likvidaci přípravku a pro zacházení s ním
Pacient má být poučen, aby po každé injekci zlikvidoval injekční jehlu v souladu s místními požadavky a uchovával pero bez nasazené injekční jehly. Tím lze předejít ucpání jehel, kontaminaci, infekci, úniku roztoku a nepřesnému dávkování.
Pero je určeno k použití pouze jednou osobou.
Přípravek Lekce nesmí být použit, pokud nevypadá čirý a bezbarvý nebo téměř bezbarvý.
Přípravek Lekce nesmí být použit, pokud byl zmrazen.
Přípravek Lekce lze podávat jehlami o délce až 8 mm. Pero je určeno k použití s jednorázovými injekčními jehlami NovoFine Plus. Balení obsahuje jehly NovoFine Plus.
Všechen nepoužitý léčivý přípravek nebo odpad musí být zlikvidován v souladu s místními požadavky.
Držitel rozhodnutí o registraci
Novo Nordisk A/S
Novo Allé
DK-2880 Bagsværd
Dánsko
Registrační číslo/čísla
EU/1/17/1251/002
EU/1/17/1251/003
EU/1/17/1251/004
EU/1/17/1251/005
EU/1/17/1251/006
EU/1/17/1251/010
Datum první registrace/prodloužení registrace
Datum první registrace: 8. února 2018
Datum revize textu
12/2023
Podrobné informace o tomto léčivém přípravku jsou k dispozici na webových stránkách Evropské agentury pro léčivé přípravky.
